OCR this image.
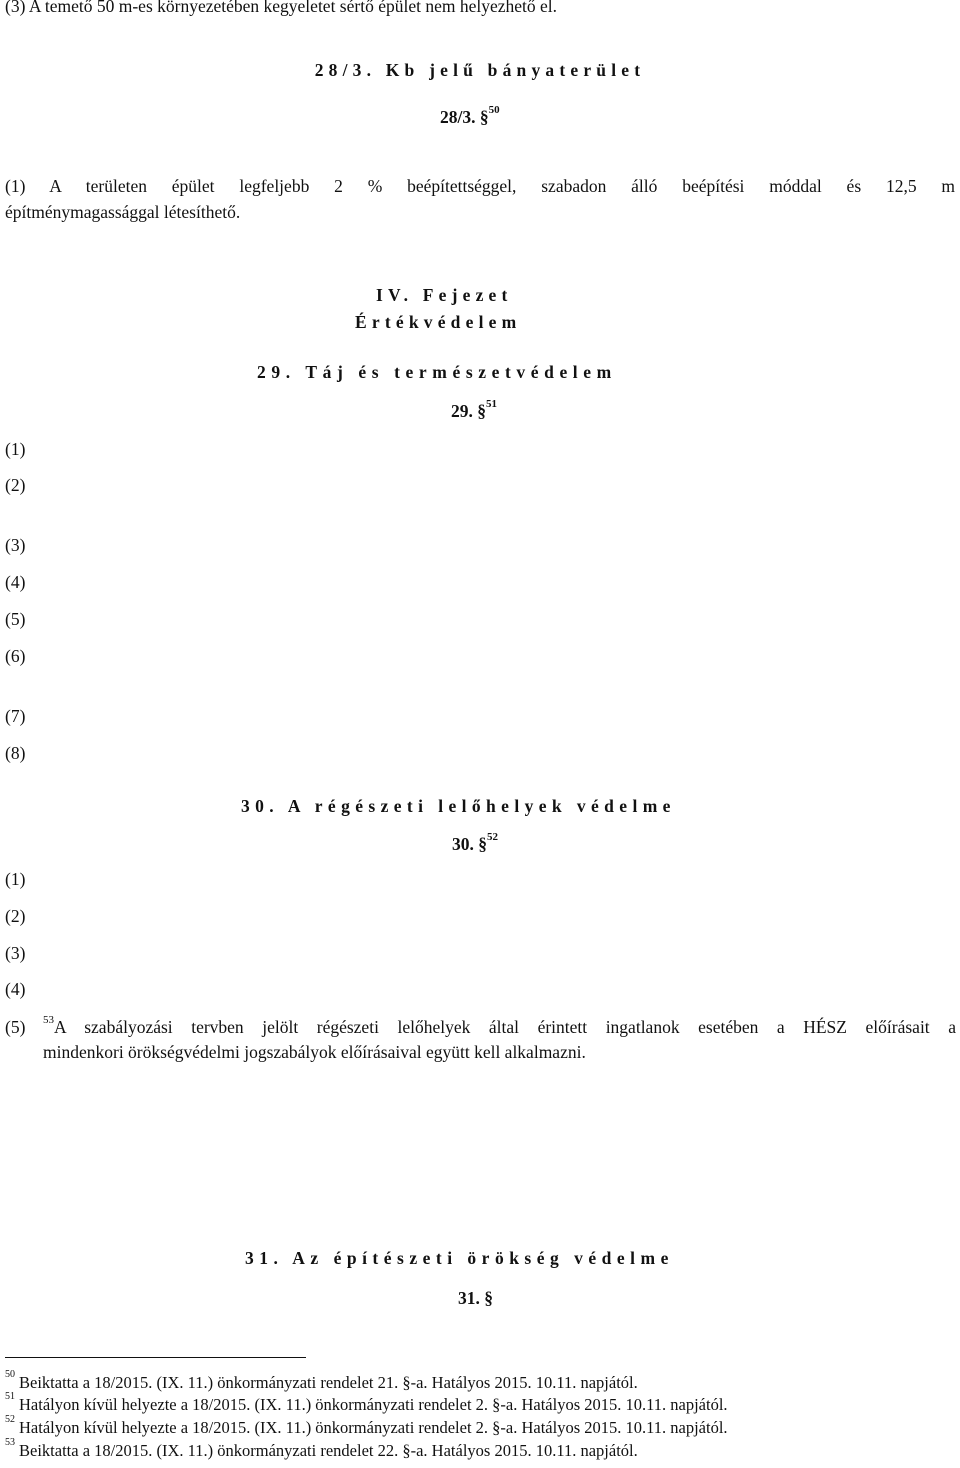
(3) A temető 50 m-es környezetében kegyeletet sértő épület nem helyezhető el.
28/3. Kb jelű bányaterület
28/3. §$^{50}$
(1) A területen épület legfeljebb 2 % beépítettséggel, szabadon álló beépítési móddal és 12,5 m
építménymagassággal létesíthető.
IV. Fejezet
Értékvédelem
29. Táj és természetvédelem
29. §$^{51}$
(1)
(2)
(3)
(4)
(5)
(6)
(7)
(8)
30. A régészeti lelőhelyek védelme
30. §$^{52}$
(1)
(2)
(3)
(4)
(5) $^{53}$A szabályozási tervben jelölt régészeti lelőhelyek által érintett ingatlanok esetében a HÉSZ előírásait a
mindenkori örökségvédelmi jogszabályok előírásaival együtt kell alkalmazni.
31. Az építészeti örökség védelme
31. §
$^{50}$ Beiktatta a 18/2015. (IX. 11.) önkormányzati rendelet 21. §-a. Hatályos 2015. 10.11. napjától.
$^{51}$ Hatályon kívül helyezte a 18/2015. (IX. 11.) önkormányzati rendelet 2. §-a. Hatályos 2015. 10.11. napjától.
$^{52}$ Hatályon kívül helyezte a 18/2015. (IX. 11.) önkormányzati rendelet 2. §-a. Hatályos 2015. 10.11. napjától.
$^{53}$ Beiktatta a 18/2015. (IX. 11.) önkormányzati rendelet 22. §-a. Hatályos 2015. 10.11. napjától.
